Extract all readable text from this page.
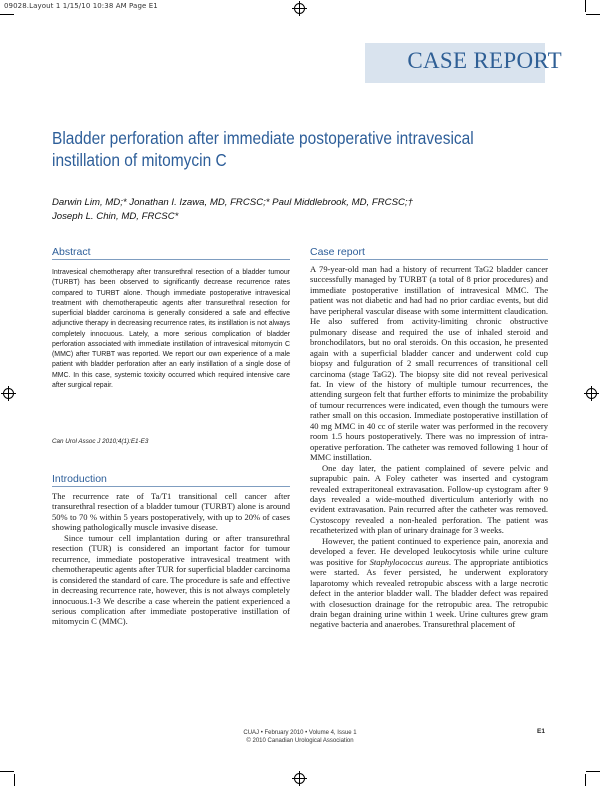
09028.Layout 1 1/15/10 10:38 AM Page E1
CASE REPORT
Bladder perforation after immediate postoperative intravesical instillation of mitomycin C
Darwin Lim, MD;* Jonathan I. Izawa, MD, FRCSC;* Paul Middlebrook, MD, FRCSC;†
Joseph L. Chin, MD, FRCSC*
Abstract
Intravesical chemotherapy after transurethral resection of a bladder tumour (TURBT) has been observed to significantly decrease recurrence rates compared to TURBT alone. Though immediate postoperative intravesical treatment with chemotherapeutic agents after transurethral resection for superficial bladder carcinoma is generally considered a safe and effective adjunctive therapy in decreasing recurrence rates, its instillation is not always completely innocuous. Lately, a more serious complication of bladder perforation associated with immediate instillation of intravesical mitomycin C (MMC) after TURBT was reported. We report our own experience of a male patient with bladder perforation after an early instillation of a single dose of MMC. In this case, systemic toxicity occurred which required intensive care after surgical repair.
Can Urol Assoc J 2010;4(1):E1-E3
Introduction

The recurrence rate of Ta/T1 transitional cell cancer after transurethral resection of a bladder tumour (TURBT) alone is around 50% to 70 % within 5 years postoperatively, with up to 20% of cases showing pathologically muscle invasive disease.

Since tumour cell implantation during or after transurethral resection (TUR) is considered an important factor for tumour recurrence, immediate postoperative intravesical treatment with chemotherapeutic agents after TUR for superficial bladder carcinoma is considered the standard of care. The procedure is safe and effective in decreasing recurrence rate, however, this is not always completely innocuous.1-3 We describe a case wherein the patient experienced a serious complication after immediate postoperative instillation of mitomycin C (MMC).

Case report

A 79-year-old man had a history of recurrent TaG2 bladder cancer successfully managed by TURBT (a total of 8 prior procedures) and immediate postoperative instillation of intravesical MMC. The patient was not diabetic and had had no prior cardiac events, but did have peripheral vascular disease with some intermittent claudication. He also suffered from activity-limiting chronic obstructive pulmonary disease and required the use of inhaled steroid and bronchodilators, but no oral steroids. On this occasion, he presented again with a superficial bladder cancer and underwent cold cup biopsy and fulguration of 2 small recurrences of transitional cell carcinoma (stage TaG2). The biopsy site did not reveal perivesical fat. In view of the history of multiple tumour recurrences, the attending surgeon felt that further efforts to minimize the probability of tumour recurrences were indicated, even though the tumours were rather small on this occasion. Immediate postoperative instillation of 40 mg MMC in 40 cc of sterile water was performed in the recovery room 1.5 hours postoperatively. There was no impression of intra-operative perforation. The catheter was removed following 1 hour of MMC instillation.

One day later, the patient complained of severe pelvic and suprapubic pain. A Foley catheter was inserted and cystogram revealed extraperitoneal extravasation. Follow-up cystogram after 9 days revealed a wide-mouthed diverticulum anteriorly with no evident extravasation. Pain recurred after the catheter was removed. Cystoscopy revealed a non-healed perforation. The patient was recatheterized with plan of urinary drainage for 3 weeks.

However, the patient continued to experience pain, anorexia and developed a fever. He developed leukocytosis while urine culture was positive for Staphylococcus aureus. The appropriate antibiotics were started. As fever persisted, he underwent exploratory laparotomy which revealed retropubic abscess with a large necrotic defect in the anterior bladder wall. The bladder defect was repaired with closesuction drainage for the retropubic area. The retropubic drain began draining urine within 1 week. Urine cultures grew gram negative bacteria and anaerobes. Transurethral placement of

CUAJ • February 2010 • Volume 4, Issue 1
© 2010 Canadian Urological Association
E1
